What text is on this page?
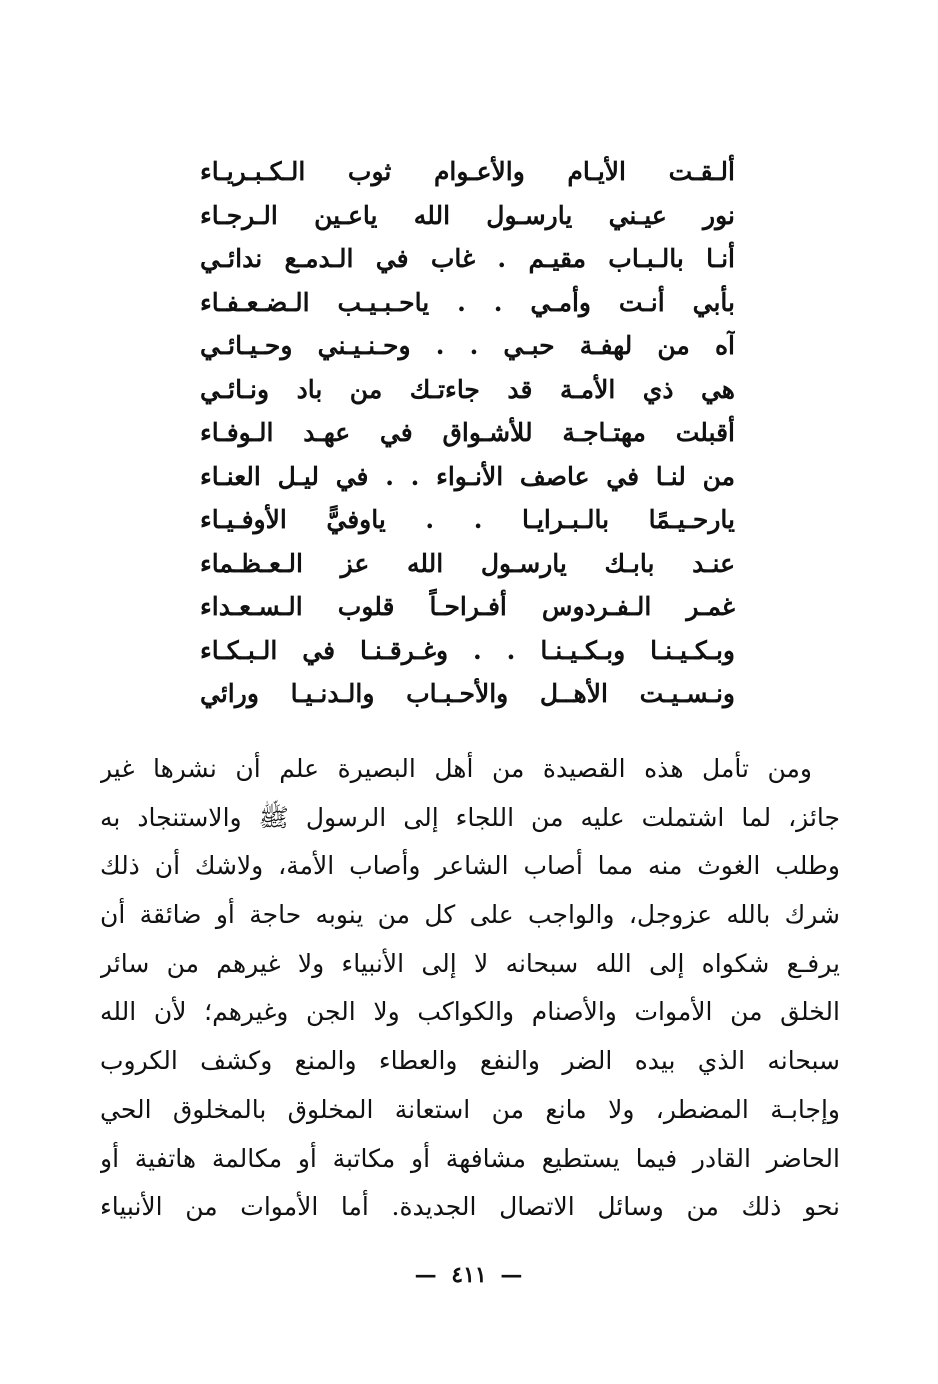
ألـقـت الأيـام والأعـوام ثوب الـكـبـريـاء
نور عيـني يارسـول الله ياعـين الـرجـاء
أنـا بالـبـاب مقيـم . غاب في الـدمـع ندائـي
بأبي أنـت وأمـي . . ياحـبـيـب الـضـعـفـاء
آه من لهفـة حبـي . . وحـنـيـني وحـيـائـي
هي ذي الأمـة قد جاءتـك من باد ونـائـي
أقبلت مهتـاجـة للأشـواق في عهـد الـوفـاء
من لنـا في عاصف الأنـواء . . في ليـل العنـاء
يارحـيـمًا بالـبـرايـا . . ياوفيًّ الأوفـيـاء
عنـد بابـك يارسـول الله عز الـعـظـماء
غمـر الـفـردوس أفـراحـاً قلوب الـسـعـداء
وبـكـيـنـا وبـكـيـنـا . . وغـرقـنـا في الـبـكـاء
ونـسـيـت الأهــل والأحـبـاب والـدنـيـا ورائي
ومن تأمل هذه القصيدة من أهل البصيرة علم أن نشرها غير
جائز، لما اشتملت عليه من اللجاء إلى الرسول ﷺ والاستنجاد به
وطلب الغوث منه مما أصاب الشاعر وأصاب الأمة، ولاشك أن ذلك
شرك بالله عزوجل، والواجب على كل من ينوبه حاجة أو ضائقة أن
يرفـع شكواه إلى الله سبحانه لا إلى الأنبياء ولا غيرهم من سائر
الخلق من الأموات والأصنام والكواكب ولا الجن وغيرهم؛ لأن الله
سبحانه الذي بيده الضر والنفع والعطاء والمنع وكشف الكروب
وإجابـة المضطر، ولا مانع من استعانة المخلوق بالمخلوق الحي
الحاضر القادر فيما يستطيع مشافهة أو مكاتبة أو مكالمة هاتفية أو
نحو ذلك من وسائل الاتصال الجديدة. أما الأموات من الأنبياء
— ٤١١ —
